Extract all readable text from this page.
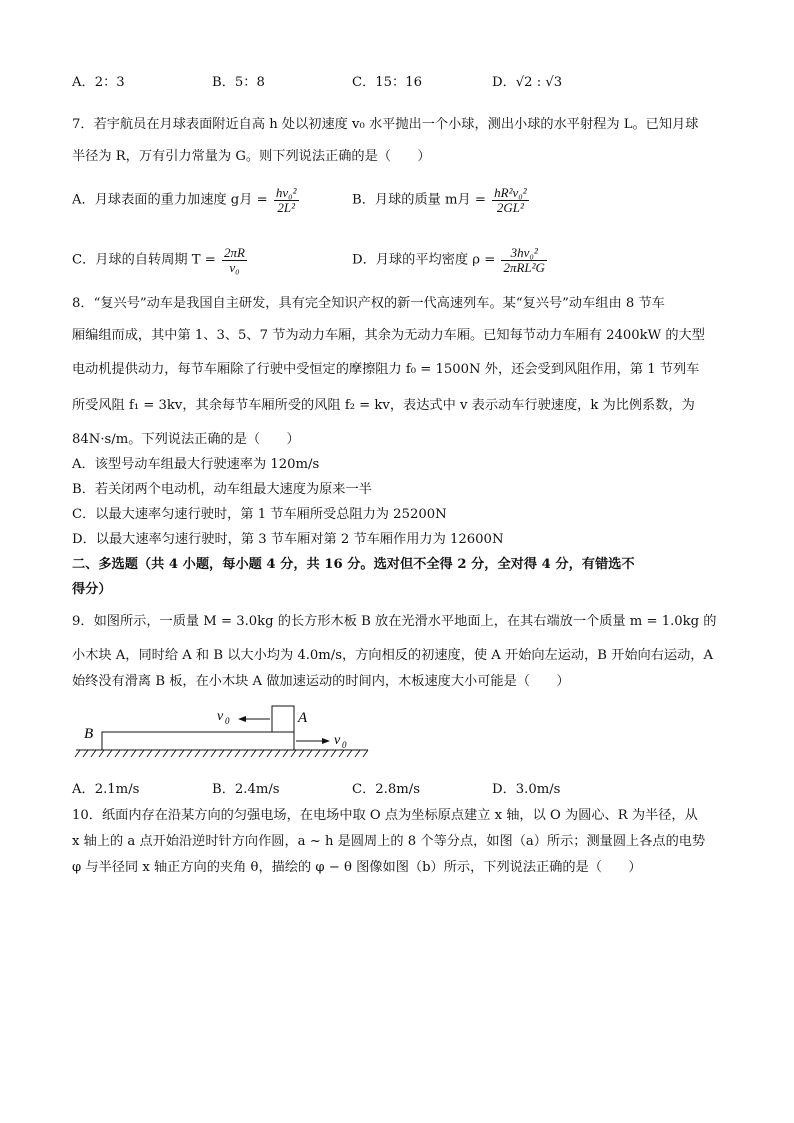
A．2：3	B．5：8	C．15：16	D．√2 : √3
7．若宇航员在月球表面附近自高 h 处以初速度 v₀ 水平抛出一个小球，测出小球的水平射程为 L。已知月球
半径为 R，万有引力常量为 G。则下列说法正确的是（　　）
A．月球表面的重力加速度 g月 = $\frac{\text{hv₀²}}{\text{2L²}}$	B．月球的质量 m月 = $\frac{\text{hR²v₀²}}{\text{2GL²}}$
C．月球的自转周期 $T = \frac{2\pi R}{\text{v₀}}$	D．月球的平均密度 $\rho = \frac{\text{3hv₀²}}{\text{2πRL²G}}$
8．“复兴号”动车是我国自主研发，具有完全知识产权的新一代高速列车。某“复兴号”动车组由 8 节车
厢编组而成，其中第 1、3、5、7 节为动力车厢，其余为无动力车厢。已知每节动力车厢有 2400kW 的大型
电动机提供动力，每节车厢除了行驶中受恒定的摩擦阻力 f₀ = 1500N 外，还会受到风阻作用，第 1 节列车
所受风阻 f₁ = 3kv，其余每节车厢所受的风阻 f₂ = kv，表达式中 v 表示动车行驶速度，k 为比例系数，为
84N·s/m。下列说法正确的是（　　）
A．该型号动车组最大行驶速率为 120m/s
B．若关闭两个电动机，动车组最大速度为原来一半
C．以最大速率匀速行驶时，第 1 节车厢所受总阻力为 25200N
D．以最大速率匀速行驶时，第 3 节车厢对第 2 节车厢作用力为 12600N
二、多选题（共 4 小题，每小题 4 分，共 16 分。选对但不全得 2 分，全对得 4 分，有错选不
得分）
9．如图所示，一质量 M = 3.0kg 的长方形木板 B 放在光滑水平地面上，在其右端放一个质量 m = 1.0kg 的
小木块 A，同时给 A 和 B 以大小均为 4.0m/s，方向相反的初速度，使 A 开始向左运动，B 开始向右运动，A
始终没有滑离 B 板，在小木块 A 做加速运动的时间内，木板速度大小可能是（　　）
B
A
v 0
v 0
A．2.1m/s	B．2.4m/s	C．2.8m/s	D．3.0m/s
10．纸面内存在沿某方向的匀强电场，在电场中取 O 点为坐标原点建立 x 轴，以 O 为圆心、R 为半径，从
x 轴上的 a 点开始沿逆时针方向作圆，a ~ h 是圆周上的 8 个等分点，如图（a）所示；测量圆上各点的电势
φ 与半径同 x 轴正方向的夹角 θ，描绘的 φ − θ 图像如图（b）所示，下列说法正确的是（　　）
